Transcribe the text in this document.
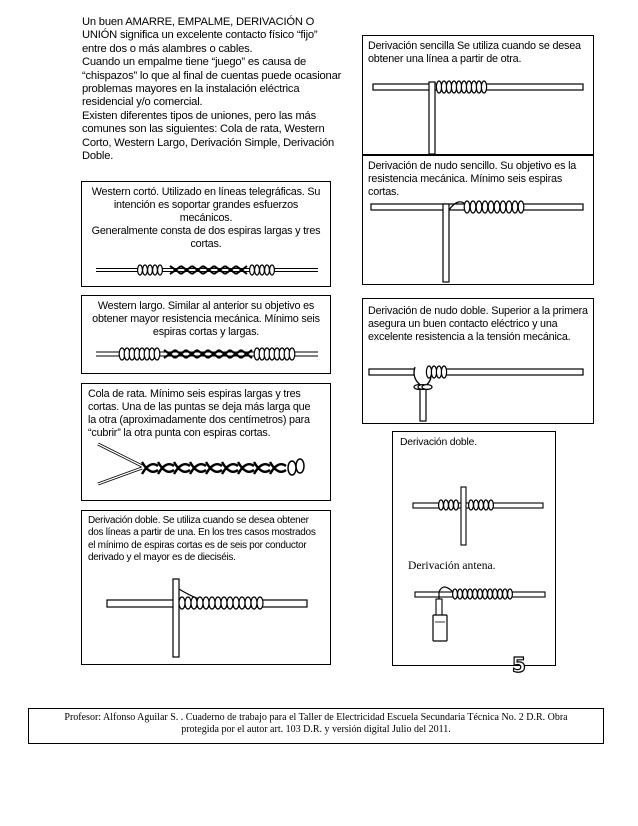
Un buen AMARRE, EMPALME, DERIVACIÓN O
UNIÓN significa un excelente contacto físico “fijo”
entre dos o más alambres o cables.
Cuando un empalme tiene “juego” es causa de
“chispazos” lo que al final de cuentas puede ocasionar
problemas mayores en la instalación eléctrica
residencial y/o comercial.
Existen diferentes tipos de uniones, pero las más
comunes son las siguientes: Cola de rata, Western
Corto, Western Largo, Derivación Simple, Derivación
Doble.
Western cortó. Utilizado en líneas telegráficas. Su
intención es soportar grandes esfuerzos
mecánicos.
Generalmente consta de dos espiras largas y tres
cortas.
Western largo. Similar al anterior su objetivo es
obtener mayor resistencia mecánica. Mínimo seis
espiras cortas y largas.
Cola de rata. Mínimo seis espiras largas y tres
cortas. Una de las puntas se deja más larga que
la otra (aproximadamente dos centímetros) para
“cubrir” la otra punta con espiras cortas.
Derivación doble. Se utiliza cuando se desea obtener
dos líneas a partir de una. En los tres casos mostrados
el mínimo de espiras cortas es de seis por conductor
derivado y el mayor es de dieciséis.
Derivación sencilla Se utiliza cuando se desea
obtener una línea a partir de otra.
Derivación de nudo sencillo. Su objetivo es la
resistencia mecánica. Mínimo seis espiras cortas.
Derivación de nudo doble. Superior a la primera
asegura un buen contacto eléctrico y una
excelente resistencia a la tensión mecánica.
Derivación doble.
Derivación antena.
5
Profesor: Alfonso Aguilar S. . Cuaderno de trabajo para el Taller de Electricidad Escuela Secundaria Técnica No. 2 D.R. Obra
protegida por el autor art. 103 D.R. y versión digital Julio del 2011.
